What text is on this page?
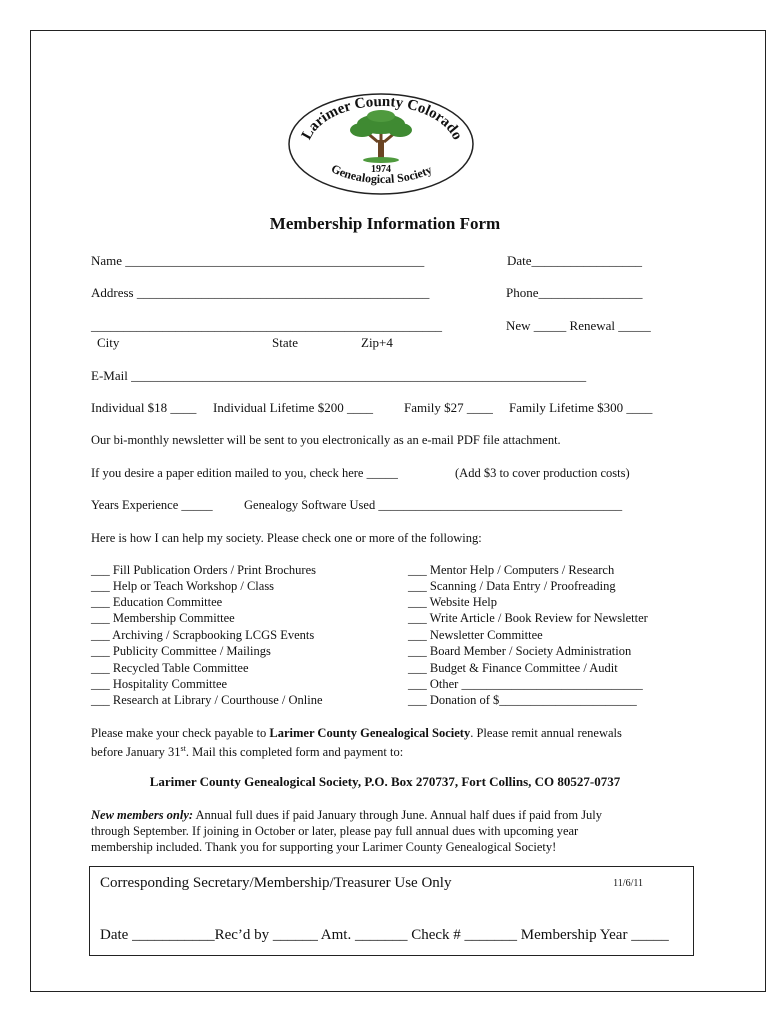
Larimer County Colorado
1974
Genealogical Society
Membership Information Form
Name ______________________________________________	Date_________________
Address _____________________________________________	Phone________________
______________________________________________________	New _____ Renewal _____
City	State	Zip+4
E-Mail ______________________________________________________________________
Individual $18 ____ Individual Lifetime $200 ____ Family $27 ____ Family Lifetime $300 ____
Our bi-monthly newsletter will be sent to you electronically as an e-mail PDF file attachment.
If you desire a paper edition mailed to you, check here _____	(Add $3 to cover production costs)
Years Experience _____	Genealogy Software Used _______________________________________
Here is how I can help my society. Please check one or more of the following:
___ Fill Publication Orders / Print Brochures
___ Help or Teach Workshop / Class
___ Education Committee
___ Membership Committee
___ Archiving / Scrapbooking LCGS Events
___ Publicity Committee / Mailings
___ Recycled Table Committee
___ Hospitality Committee
___ Research at Library / Courthouse / Online
___ Mentor Help / Computers / Research
___ Scanning / Data Entry / Proofreading
___ Website Help
___ Write Article / Book Review for Newsletter
___ Newsletter Committee
___ Board Member / Society Administration
___ Budget & Finance Committee / Audit
___ Other _____________________________
___ Donation of $______________________
Please make your check payable to Larimer County Genealogical Society. Please remit annual renewals
before January 31st. Mail this completed form and payment to:
Larimer County Genealogical Society, P.O. Box 270737, Fort Collins, CO 80527-0737
New members only: Annual full dues if paid January through June. Annual half dues if paid from July
through September. If joining in October or later, please pay full annual dues with upcoming year
membership included. Thank you for supporting your Larimer County Genealogical Society!
Corresponding Secretary/Membership/Treasurer Use Only	11/6/11
Date ___________Rec’d by ______ Amt. _______ Check # _______ Membership Year _____
